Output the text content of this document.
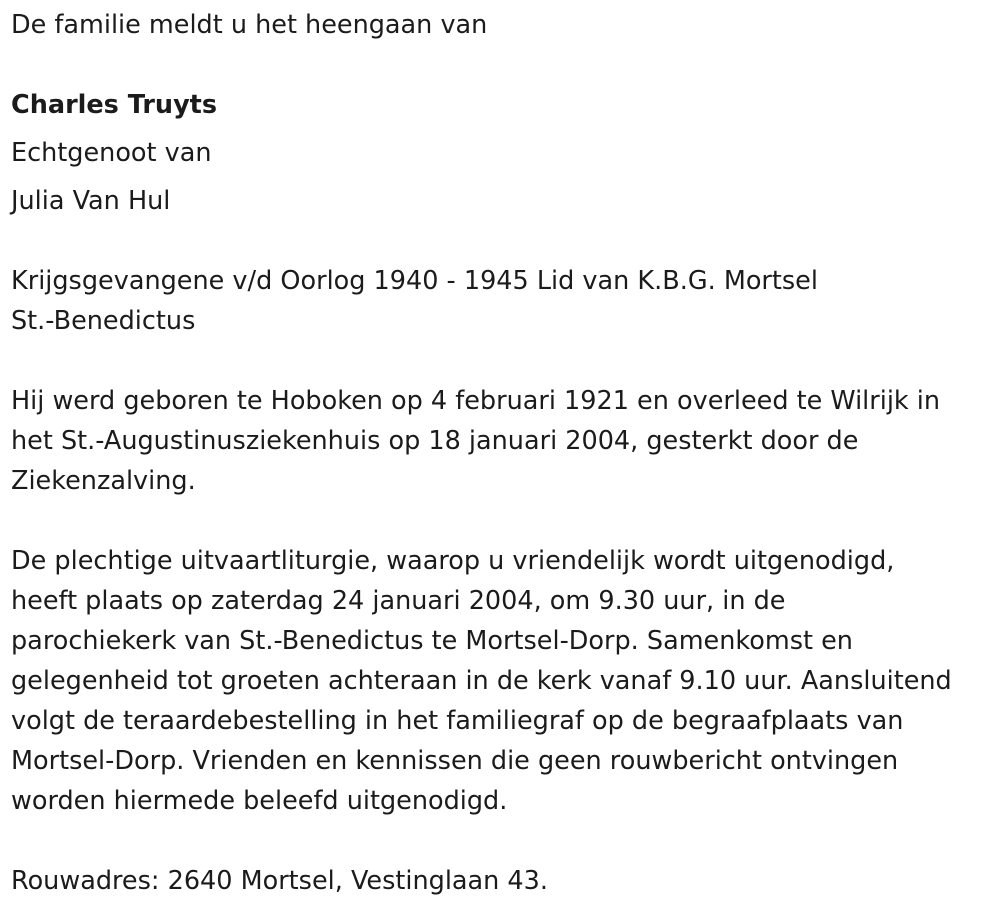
De familie meldt u het heengaan van
Charles Truyts
Echtgenoot van
Julia Van Hul
Krijgsgevangene v/d Oorlog 1940 - 1945 Lid van K.B.G. Mortsel
St.-Benedictus
Hij werd geboren te Hoboken op 4 februari 1921 en overleed te Wilrijk in
het St.-Augustinusziekenhuis op 18 januari 2004, gesterkt door de
Ziekenzalving.
De plechtige uitvaartliturgie, waarop u vriendelijk wordt uitgenodigd,
heeft plaats op zaterdag 24 januari 2004, om 9.30 uur, in de
parochiekerk van St.-Benedictus te Mortsel-Dorp. Samenkomst en
gelegenheid tot groeten achteraan in de kerk vanaf 9.10 uur. Aansluitend
volgt de teraardebestelling in het familiegraf op de begraafplaats van
Mortsel-Dorp. Vrienden en kennissen die geen rouwbericht ontvingen
worden hiermede beleefd uitgenodigd.
Rouwadres: 2640 Mortsel, Vestinglaan 43.
